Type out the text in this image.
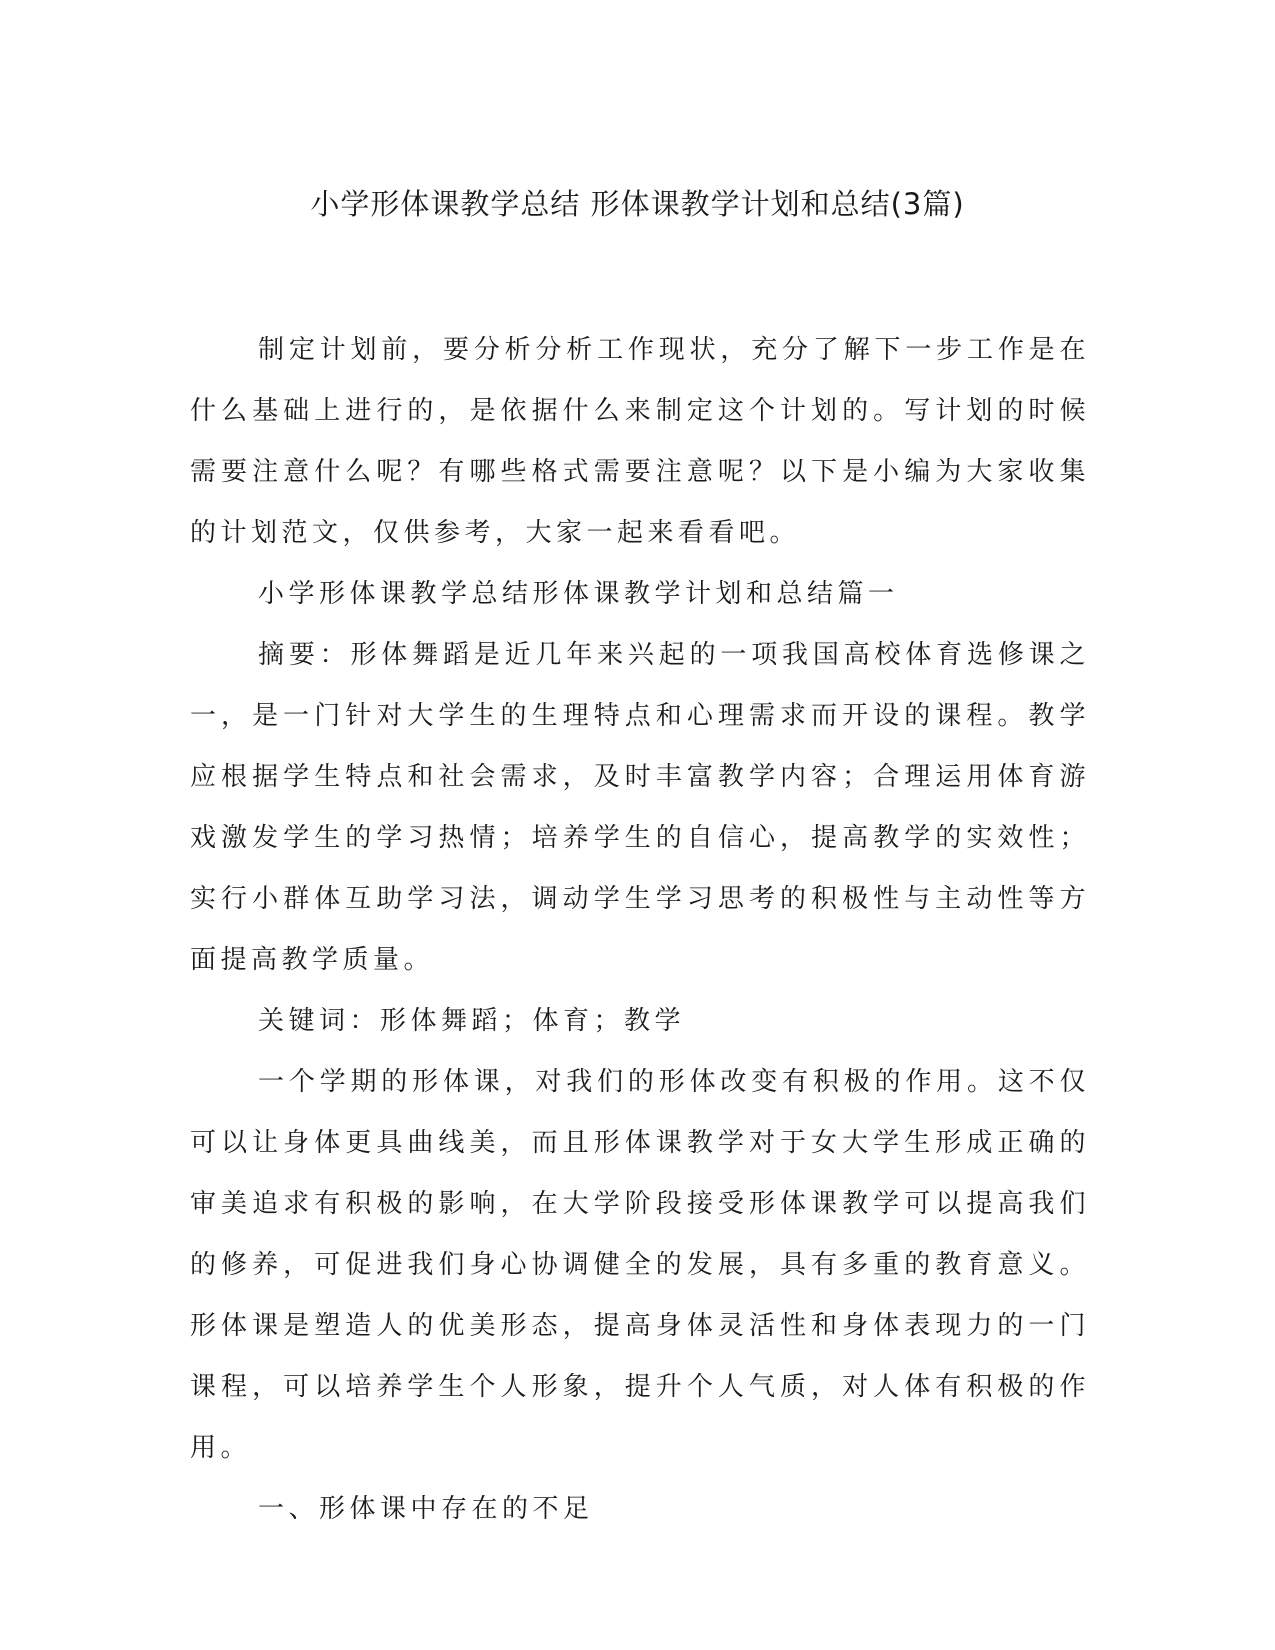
小学形体课教学总结 形体课教学计划和总结(3篇)

制定计划前，要分析分析工作现状，充分了解下一步工作是在什么基础上进行的，是依据什么来制定这个计划的。写计划的时候需要注意什么呢？有哪些格式需要注意呢？以下是小编为大家收集的计划范文，仅供参考，大家一起来看看吧。

小学形体课教学总结形体课教学计划和总结篇一

摘要：形体舞蹈是近几年来兴起的一项我国高校体育选修课之一，是一门针对大学生的生理特点和心理需求而开设的课程。教学应根据学生特点和社会需求，及时丰富教学内容；合理运用体育游戏激发学生的学习热情；培养学生的自信心，提高教学的实效性；实行小群体互助学习法，调动学生学习思考的积极性与主动性等方面提高教学质量。

关键词：形体舞蹈；体育；教学

一个学期的形体课，对我们的形体改变有积极的作用。这不仅可以让身体更具曲线美，而且形体课教学对于女大学生形成正确的审美追求有积极的影响，在大学阶段接受形体课教学可以提高我们的修养，可促进我们身心协调健全的发展，具有多重的教育意义。形体课是塑造人的优美形态，提高身体灵活性和身体表现力的一门课程，可以培养学生个人形象，提升个人气质，对人体有积极的作用。

一、形体课中存在的不足
